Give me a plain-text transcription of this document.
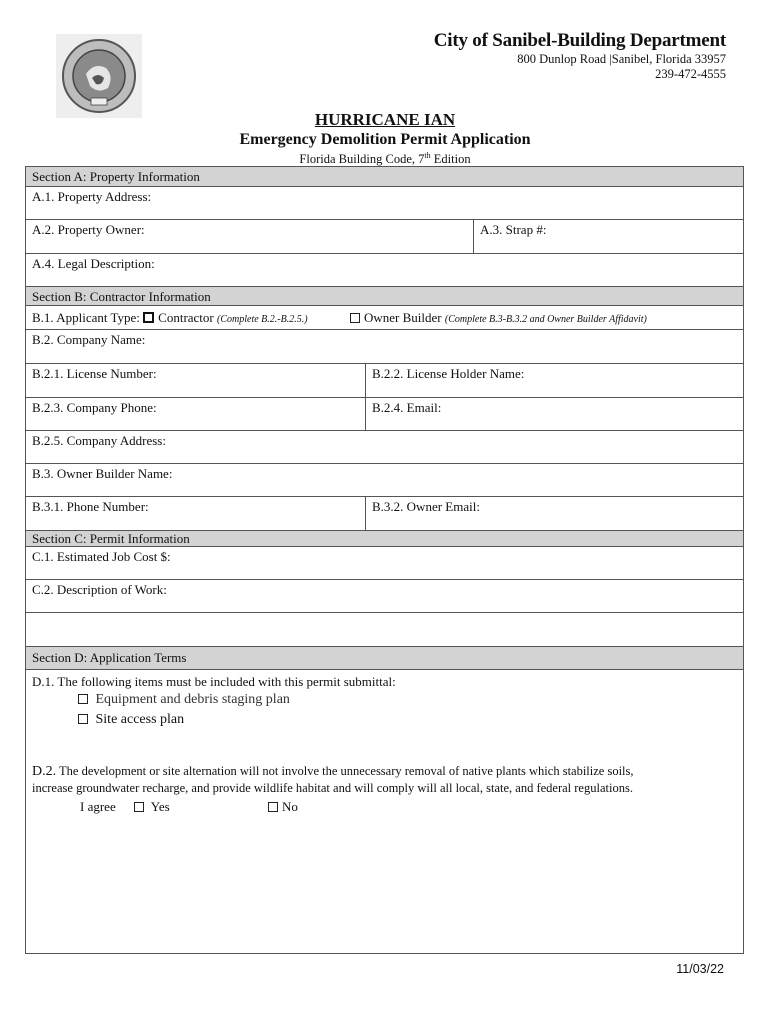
City of Sanibel-Building Department
800 Dunlop Road |Sanibel, Florida 33957
239-472-4555
HURRICANE IAN
Emergency Demolition Permit Application
Florida Building Code, 7th Edition
Section A: Property Information
A.1. Property Address:
A.2. Property Owner:	A.3. Strap #:
A.4. Legal Description:
Section B: Contractor Information
B.1. Applicant Type: Contractor (Complete B.2.-B.2.5.)	Owner Builder (Complete B.3-B.3.2 and Owner Builder Affidavit)
B.2. Company Name:
B.2.1. License Number:	B.2.2. License Holder Name:
B.2.3. Company Phone:	B.2.4. Email:
B.2.5. Company Address:
B.3. Owner Builder Name:
B.3.1. Phone Number:	B.3.2. Owner Email:
Section C: Permit Information
C.1. Estimated Job Cost $:
C.2. Description of Work:
Section D: Application Terms
D.1. The following items must be included with this permit submittal:
Equipment and debris staging plan
Site access plan
D.2. The development or site alternation will not involve the unnecessary removal of native plants which stabilize soils,
increase groundwater recharge, and provide wildlife habitat and will comply will all local, state, and federal regulations.
I agree	Yes	No
11/03/22
